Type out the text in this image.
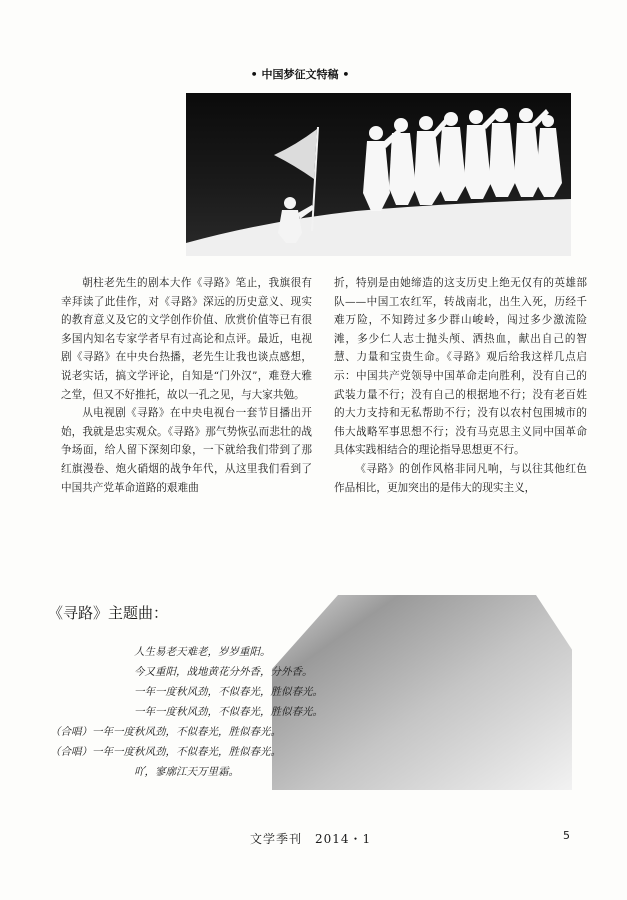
• 中国梦征文特稿 •

朝柱老先生的剧本大作《寻路》笔止，我旗很有幸拜读了此佳作，对《寻路》深远的历史意义、现实的教育意义及它的文学创作价值、欣赏价值等已有很多国内知名专家学者早有过高论和点评。最近，电视剧《寻路》在中央台热播，老先生让我也谈点感想，说老实话，搞文学评论，自知是“门外汉”，难登大雅之堂，但又不好推托，故以一孔之见，与大家共勉。

从电视剧《寻路》在中央电视台一套节目播出开始，我就是忠实观众。《寻路》那气势恢弘而悲壮的战争场面，给人留下深刻印象，一下就给我们带到了那红旗漫卷、炮火硝烟的战争年代，从这里我们看到了中国共产党革命道路的艰难曲

折，特别是由她缔造的这支历史上绝无仅有的英雄部队——中国工农红军，转战南北，出生入死，历经千难万险，不知跨过多少群山峻岭，闯过多少激流险滩，多少仁人志士抛头颅、洒热血，献出自己的智慧、力量和宝贵生命。《寻路》观后给我这样几点启示：中国共产党领导中国革命走向胜利，没有自己的武装力量不行；没有自己的根据地不行；没有老百姓的大力支持和无私帮助不行；没有以农村包围城市的伟大战略军事思想不行；没有马克思主义同中国革命具体实践相结合的理论指导思想更不行。

《寻路》的创作风格非同凡响，与以往其他红色作品相比，更加突出的是伟大的现实主义，

《寻路》主题曲：
人生易老天难老，岁岁重阳。
今又重阳，战地黄花分外香，分外香。
一年一度秋风劲，不似春光，胜似春光。
一年一度秋风劲，不似春光，胜似春光。
（合唱）一年一度秋风劲，不似春光，胜似春光。
（合唱）一年一度秋风劲，不似春光，胜似春光。
吖，寥廓江天万里霜。
文学季刊　2014・1	5
